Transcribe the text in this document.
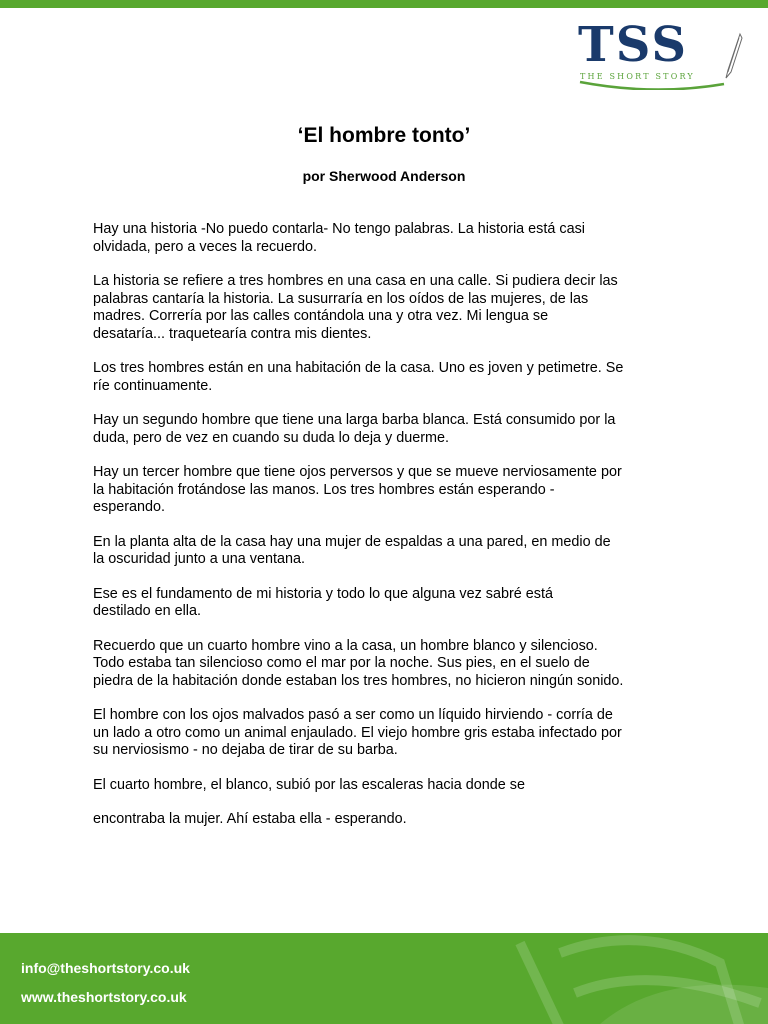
TSS
THE SHORT STORY
‘El hombre tonto’

por Sherwood Anderson

Hay una historia -No puedo contarla- No tengo palabras. La historia está casi
olvidada, pero a veces la recuerdo.

La historia se refiere a tres hombres en una casa en una calle. Si pudiera decir las
palabras cantaría la historia. La susurraría en los oídos de las mujeres, de las
madres. Correría por las calles contándola una y otra vez. Mi lengua se
desataría... traquetearía contra mis dientes.

Los tres hombres están en una habitación de la casa. Uno es joven y petimetre. Se
ríe continuamente.

Hay un segundo hombre que tiene una larga barba blanca. Está consumido por la
duda, pero de vez en cuando su duda lo deja y duerme.

Hay un tercer hombre que tiene ojos perversos y que se mueve nerviosamente por
la habitación frotándose las manos. Los tres hombres están esperando -
esperando.

En la planta alta de la casa hay una mujer de espaldas a una pared, en medio de
la oscuridad junto a una ventana.

Ese es el fundamento de mi historia y todo lo que alguna vez sabré está
destilado en ella.

Recuerdo que un cuarto hombre vino a la casa, un hombre blanco y silencioso.
Todo estaba tan silencioso como el mar por la noche. Sus pies, en el suelo de
piedra de la habitación donde estaban los tres hombres, no hicieron ningún sonido.

El hombre con los ojos malvados pasó a ser como un líquido hirviendo - corría de
un lado a otro como un animal enjaulado. El viejo hombre gris estaba infectado por
su nerviosismo - no dejaba de tirar de su barba.

El cuarto hombre, el blanco, subió por las escaleras hacia donde se

encontraba la mujer. Ahí estaba ella - esperando.

info@theshortstory.co.uk
www.theshortstory.co.uk
